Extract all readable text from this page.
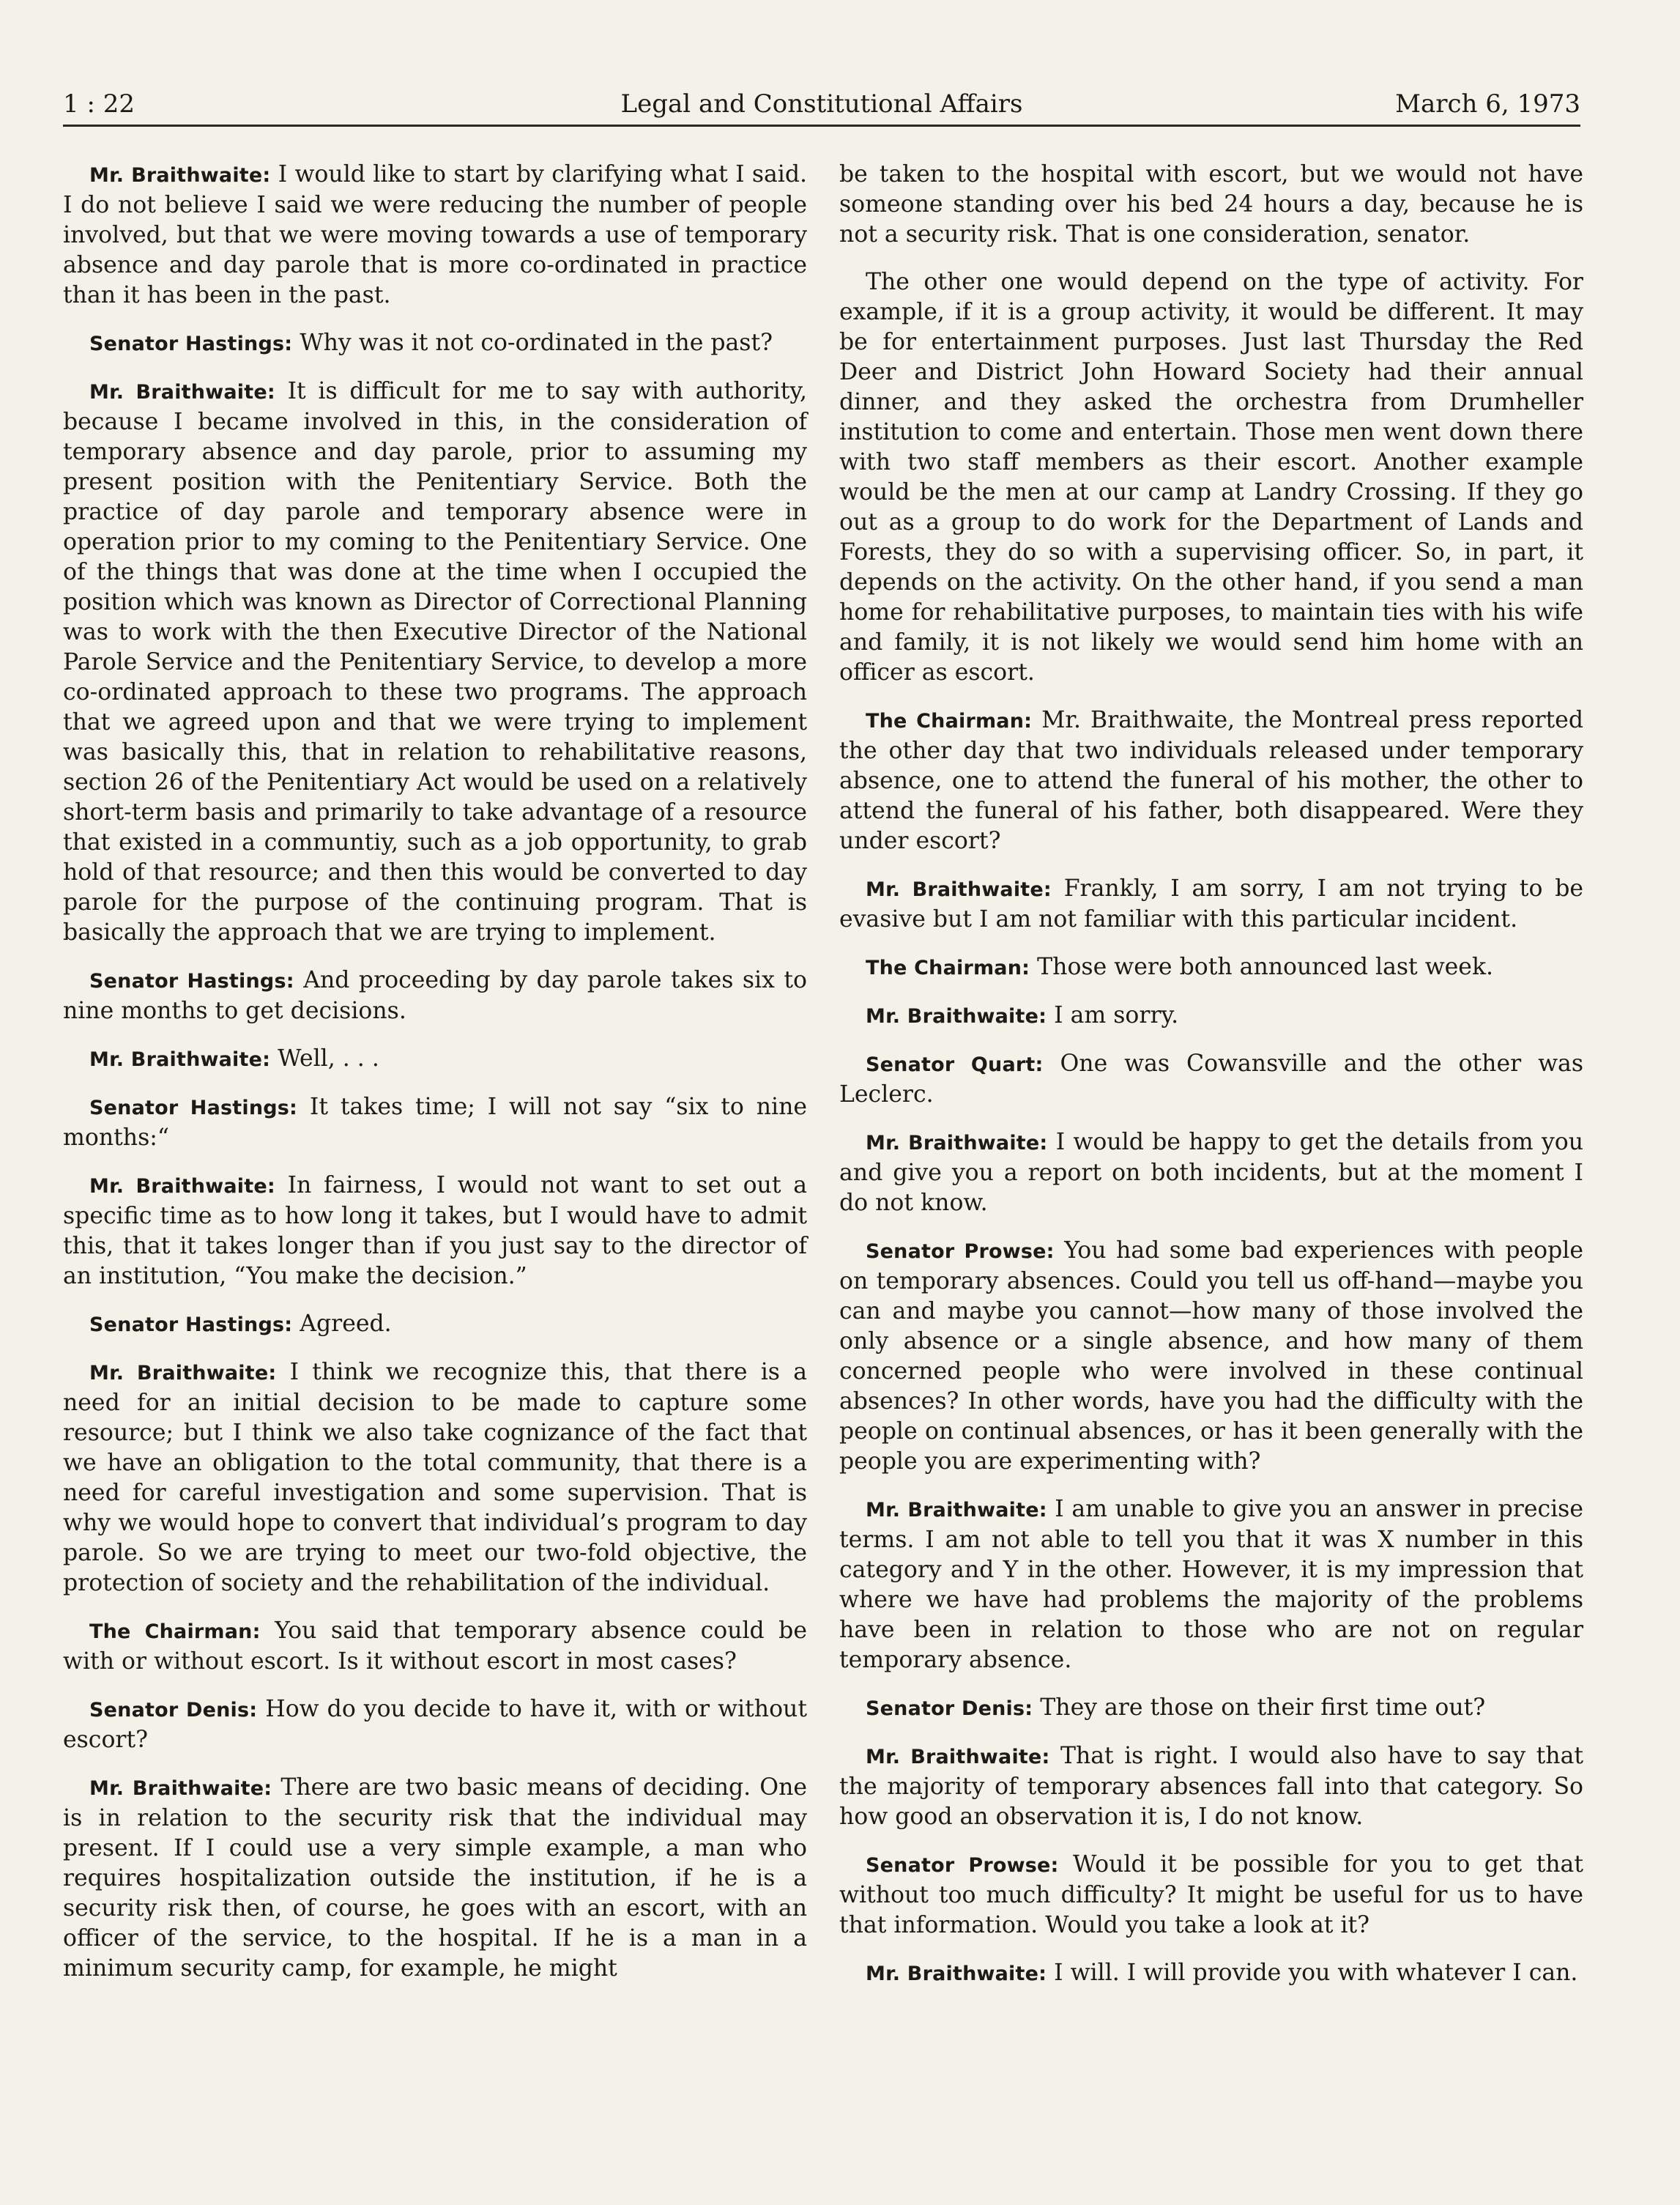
1 : 22	Legal and Constitutional Affairs	March 6, 1973

Mr. Braithwaite: I would like to start by clarifying what I said. I do not believe I said we were reducing the number of people involved, but that we were moving towards a use of temporary absence and day parole that is more co-ordinated in practice than it has been in the past.

Senator Hastings: Why was it not co-ordinated in the past?

Mr. Braithwaite: It is difficult for me to say with authority, because I became involved in this, in the consideration of temporary absence and day parole, prior to assuming my present position with the Penitentiary Service. Both the practice of day parole and temporary absence were in operation prior to my coming to the Penitentiary Service. One of the things that was done at the time when I occupied the position which was known as Director of Correctional Planning was to work with the then Executive Director of the National Parole Service and the Penitentiary Service, to develop a more co-ordinated approach to these two programs. The approach that we agreed upon and that we were trying to implement was basically this, that in relation to rehabilitative reasons, section 26 of the Penitentiary Act would be used on a relatively short-term basis and primarily to take advantage of a resource that existed in a communtiy, such as a job opportunity, to grab hold of that resource; and then this would be converted to day parole for the purpose of the continuing program. That is basically the approach that we are trying to implement.

Senator Hastings: And proceeding by day parole takes six to nine months to get decisions.

Mr. Braithwaite: Well, . . .

Senator Hastings: It takes time; I will not say “six to nine months:“

Mr. Braithwaite: In fairness, I would not want to set out a specific time as to how long it takes, but I would have to admit this, that it takes longer than if you just say to the director of an institution, “You make the decision.”

Senator Hastings: Agreed.

Mr. Braithwaite: I think we recognize this, that there is a need for an initial decision to be made to capture some resource; but I think we also take cognizance of the fact that we have an obligation to the total community, that there is a need for careful investigation and some supervision. That is why we would hope to convert that individual’s program to day parole. So we are trying to meet our two-fold objective, the protection of society and the rehabilitation of the individual.

The Chairman: You said that temporary absence could be with or without escort. Is it without escort in most cases?

Senator Denis: How do you decide to have it, with or without escort?

Mr. Braithwaite: There are two basic means of deciding. One is in relation to the security risk that the individual may present. If I could use a very simple example, a man who requires hospitalization outside the institution, if he is a security risk then, of course, he goes with an escort, with an officer of the service, to the hospital. If he is a man in a minimum security camp, for example, he might

be taken to the hospital with escort, but we would not have someone standing over his bed 24 hours a day, because he is not a security risk. That is one consideration, senator.

The other one would depend on the type of activity. For example, if it is a group activity, it would be different. It may be for entertainment purposes. Just last Thursday the Red Deer and District John Howard Society had their annual dinner, and they asked the orchestra from Drumheller institution to come and entertain. Those men went down there with two staff members as their escort. Another example would be the men at our camp at Landry Crossing. If they go out as a group to do work for the Department of Lands and Forests, they do so with a supervising officer. So, in part, it depends on the activity. On the other hand, if you send a man home for rehabilitative purposes, to maintain ties with his wife and family, it is not likely we would send him home with an officer as escort.

The Chairman: Mr. Braithwaite, the Montreal press reported the other day that two individuals released under temporary absence, one to attend the funeral of his mother, the other to attend the funeral of his father, both disappeared. Were they under escort?

Mr. Braithwaite: Frankly, I am sorry, I am not trying to be evasive but I am not familiar with this particular incident.

The Chairman: Those were both announced last week.

Mr. Braithwaite: I am sorry.

Senator Quart: One was Cowansville and the other was Leclerc.

Mr. Braithwaite: I would be happy to get the details from you and give you a report on both incidents, but at the moment I do not know.

Senator Prowse: You had some bad experiences with people on temporary absences. Could you tell us off-hand—maybe you can and maybe you cannot—how many of those involved the only absence or a single absence, and how many of them concerned people who were involved in these continual absences? In other words, have you had the difficulty with the people on continual absences, or has it been generally with the people you are experimenting with?

Mr. Braithwaite: I am unable to give you an answer in precise terms. I am not able to tell you that it was X number in this category and Y in the other. However, it is my impression that where we have had problems the majority of the problems have been in relation to those who are not on regular temporary absence.

Senator Denis: They are those on their first time out?

Mr. Braithwaite: That is right. I would also have to say that the majority of temporary absences fall into that category. So how good an observation it is, I do not know.

Senator Prowse: Would it be possible for you to get that without too much difficulty? It might be useful for us to have that information. Would you take a look at it?

Mr. Braithwaite: I will. I will provide you with whatever I can.
